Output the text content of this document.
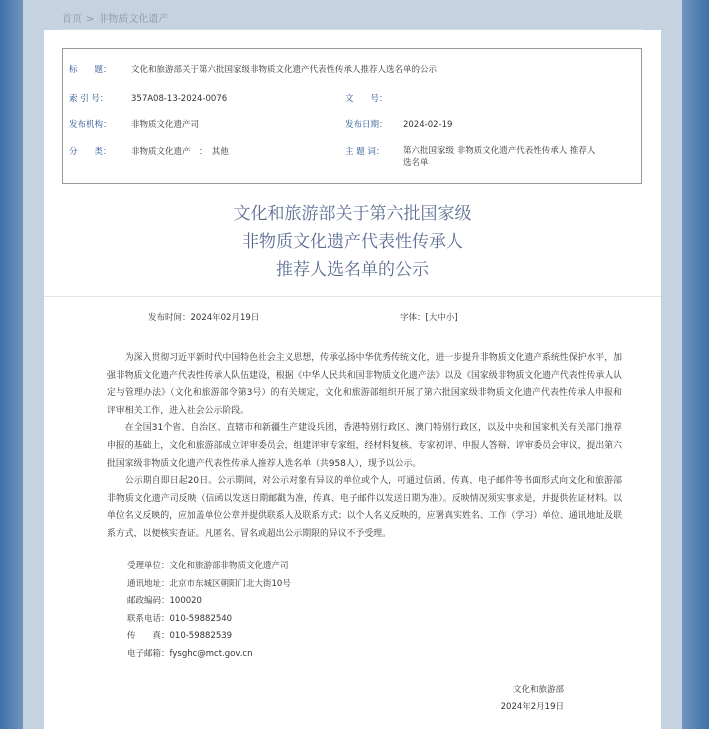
首页 > 非物质文化遗产
标　　题： 文化和旅游部关于第六批国家级非物质文化遗产代表性传承人推荐人选名单的公示
索 引 号：	357A08-13-2024-0076	文　　号：
发布机构： 非物质文化遗产司	发布日期： 2024-02-19
分　　类： 非物质文化遗产　：　其他	主 题 词：	第六批国家级 非物质文化遗产代表性传承人 推荐人选名单
文化和旅游部关于第六批国家级
非物质文化遗产代表性传承人
推荐人选名单的公示
发布时间：2024年02月19日	字体：[大中小]

为深入贯彻习近平新时代中国特色社会主义思想，传承弘扬中华优秀传统文化，进一步提升非物质文化遗产系统性保护水平，加强非物质文化遗产代表性传承人队伍建设，根据《中华人民共和国非物质文化遗产法》以及《国家级非物质文化遗产代表性传承人认定与管理办法》（文化和旅游部令第3号）的有关规定，文化和旅游部组织开展了第六批国家级非物质文化遗产代表性传承人申报和评审相关工作，进入社会公示阶段。

在全国31个省、自治区、直辖市和新疆生产建设兵团，香港特别行政区、澳门特别行政区，以及中央和国家机关有关部门推荐申报的基础上，文化和旅游部成立评审委员会，组建评审专家组，经材料复核、专家初评、申报人答辩、评审委员会审议，提出第六批国家级非物质文化遗产代表性传承人推荐人选名单（共958人），现予以公示。

公示期自即日起20日。公示期间，对公示对象有异议的单位或个人，可通过信函、传真、电子邮件等书面形式向文化和旅游部非物质文化遗产司反映（信函以发送日期邮戳为准，传真、电子邮件以发送日期为准）。反映情况须实事求是，并提供佐证材料。以单位名义反映的，应加盖单位公章并提供联系人及联系方式；以个人名义反映的，应署真实姓名、工作（学习）单位、通讯地址及联系方式，以便核实查证。凡匿名、冒名或超出公示期限的异议不予受理。

受理单位：文化和旅游部非物质文化遗产司
通讯地址：北京市东城区朝阳门北大街10号
邮政编码：100020
联系电话：010-59882540
传　　真：010-59882539
电子邮箱：fysghc@mct.gov.cn
文化和旅游部
2024年2月19日
